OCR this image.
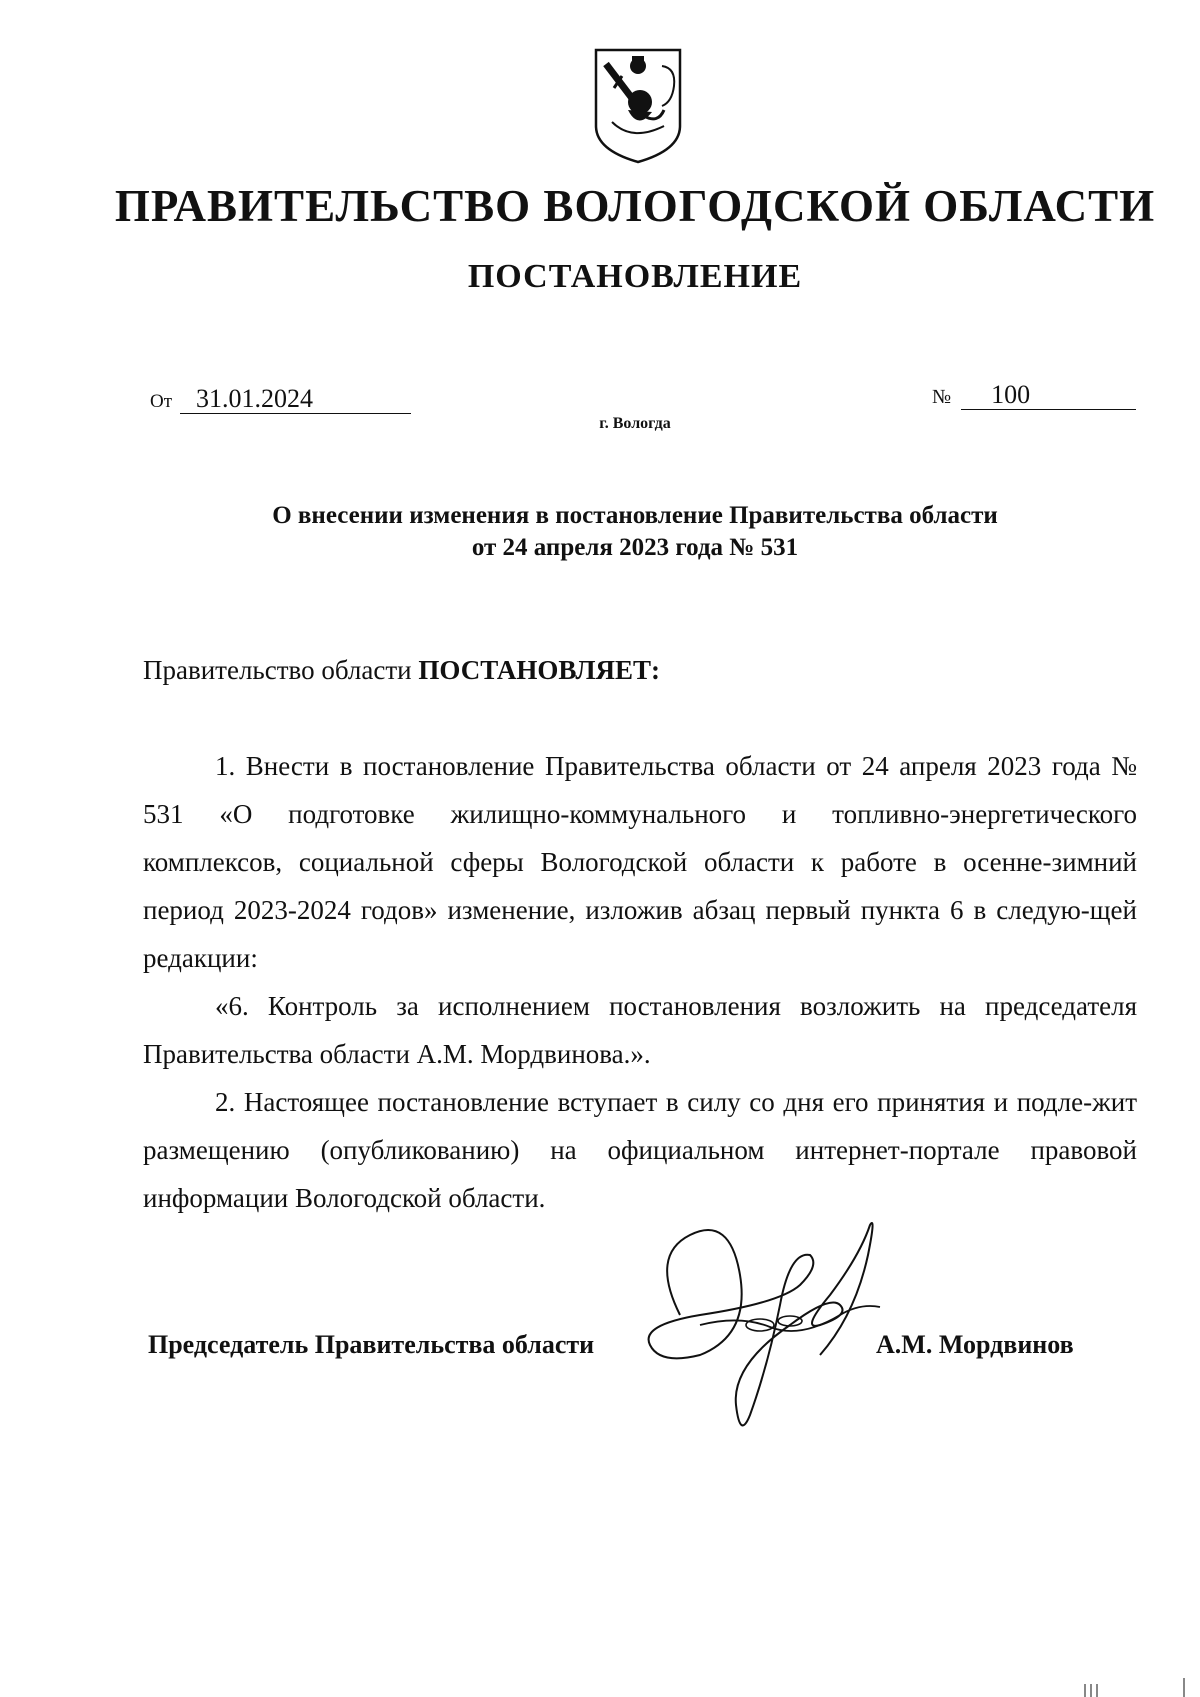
ПРАВИТЕЛЬСТВО ВОЛОГОДСКОЙ ОБЛАСТИ
ПОСТАНОВЛЕНИЕ
От 31.01.2024	№ 100
г. Вологда
О внесении изменения в постановление Правительства области
от 24 апреля 2023 года № 531
Правительство области ПОСТАНОВЛЯЕТ:

1. Внести в постановление Правительства области от 24 апреля 2023 года № 531 «О подготовке жилищно-коммунального и топливно-энергетического комплексов, социальной сферы Вологодской области к работе в осенне-зимний период 2023-2024 годов» изменение, изложив абзац первый пункта 6 в следую-щей редакции:

«6. Контроль за исполнением постановления возложить на председателя Правительства области А.М. Мордвинова.».

2. Настоящее постановление вступает в силу со дня его принятия и подле-жит размещению (опубликованию) на официальном интернет-портале правовой информации Вологодской области.

Председатель Правительства области	А.М. Мордвинов
